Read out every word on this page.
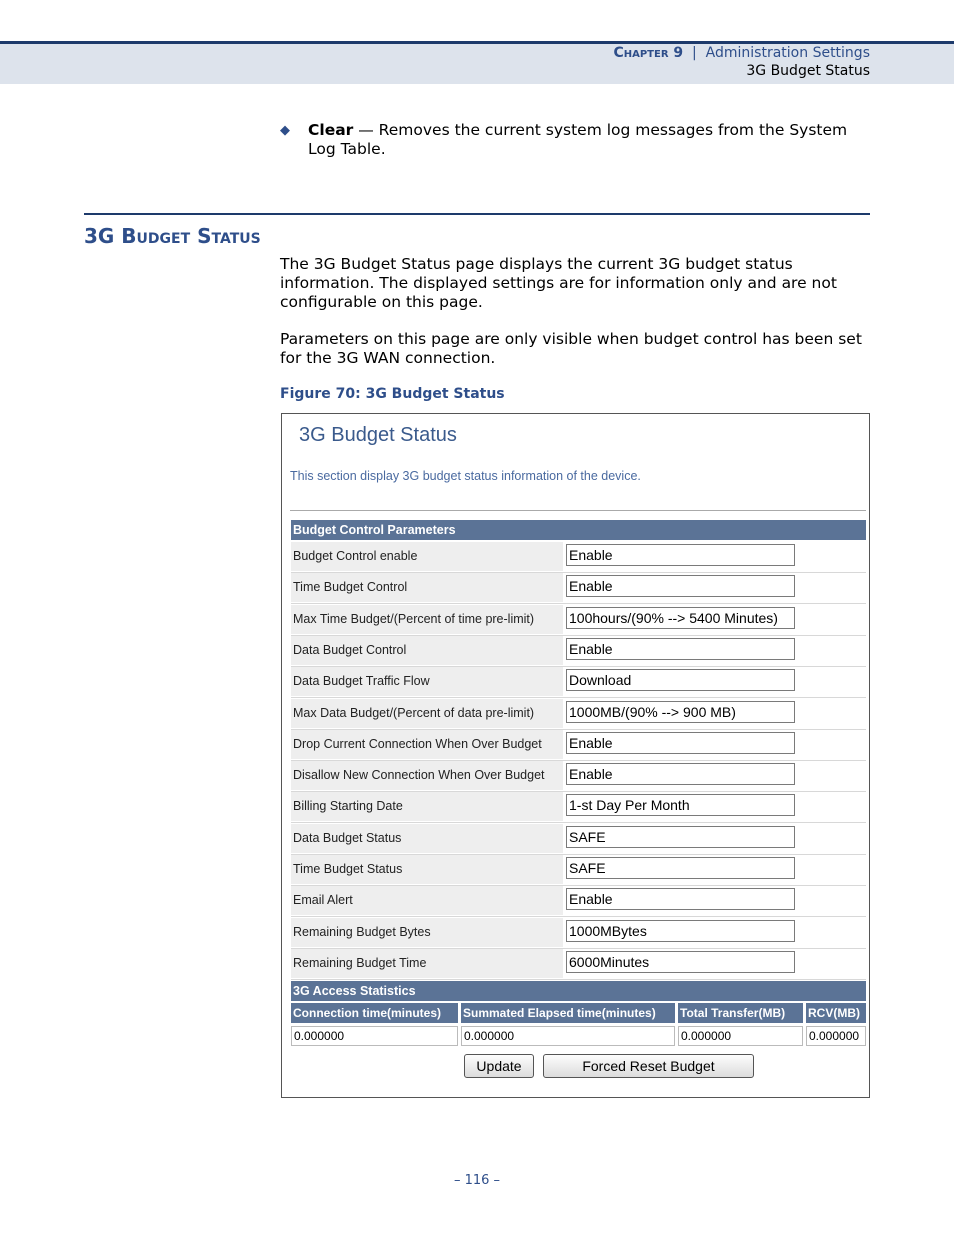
Chapter 9 | Administration Settings
3G Budget Status
◆ Clear — Removes the current system log messages from the System Log Table.
3G Budget Status
The 3G Budget Status page displays the current 3G budget status information. The displayed settings are for information only and are not configurable on this page.
Parameters on this page are only visible when budget control has been set for the 3G WAN connection.
Figure 70: 3G Budget Status
3G Budget Status
This section display 3G budget status information of the device.
Budget Control Parameters
Budget Control enable	Enable
Time Budget Control	Enable
Max Time Budget/(Percent of time pre-limit)	100hours/(90% --> 5400 Minutes)
Data Budget Control	Enable
Data Budget Traffic Flow	Download
Max Data Budget/(Percent of data pre-limit)	1000MB/(90% --> 900 MB)
Drop Current Connection When Over Budget	Enable
Disallow New Connection When Over Budget	Enable
Billing Starting Date	1-st Day Per Month
Data Budget Status	SAFE
Time Budget Status	SAFE
Email Alert	Enable
Remaining Budget Bytes	1000MBytes
Remaining Budget Time	6000Minutes
3G Access Statistics
Connection time(minutes)	Summated Elapsed time(minutes)	Total Transfer(MB)	RCV(MB)
0.000000	0.000000	0.000000	0.000000
Update	Forced Reset Budget
– 116 –
